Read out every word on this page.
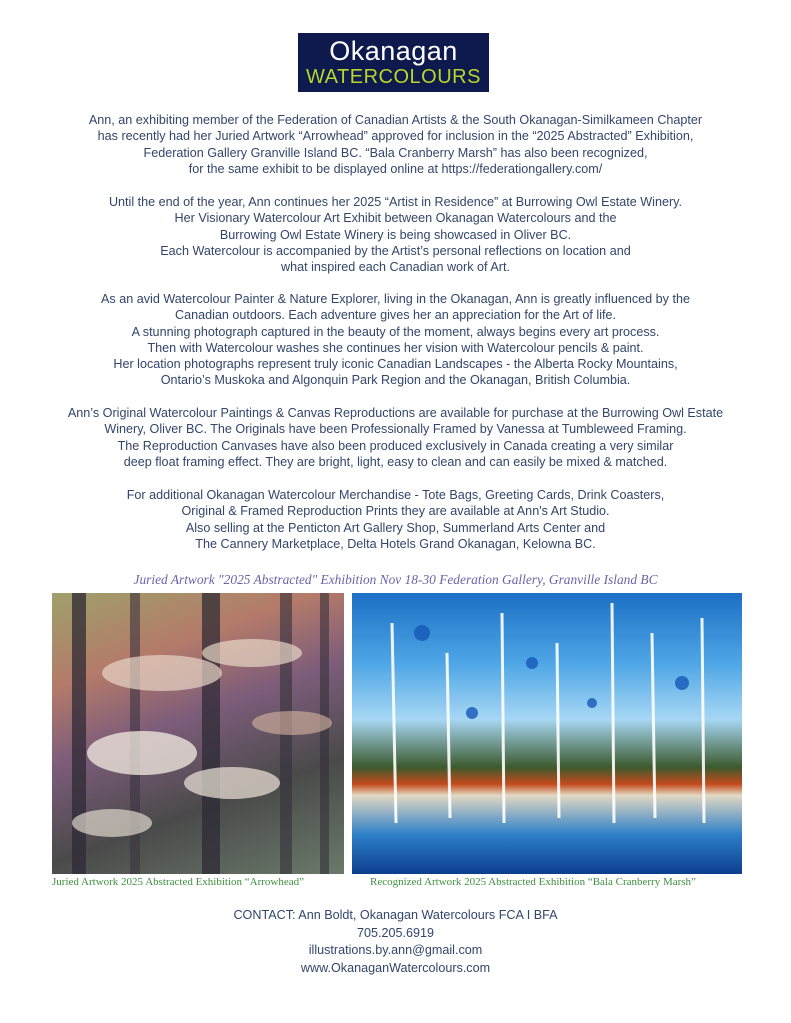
Okanagan
WATERCOLOURS
Ann, an exhibiting member of the Federation of Canadian Artists & the South Okanagan-Similkameen Chapter
has recently had her Juried Artwork “Arrowhead” approved for inclusion in the “2025 Abstracted” Exhibition,
Federation Gallery Granville Island BC. “Bala Cranberry Marsh” has also been recognized,
for the same exhibit to be displayed online at https://federationgallery.com/
Until the end of the year, Ann continues her 2025 “Artist in Residence” at Burrowing Owl Estate Winery.
Her Visionary Watercolour Art Exhibit between Okanagan Watercolours and the
Burrowing Owl Estate Winery is being showcased in Oliver BC.
Each Watercolour is accompanied by the Artist’s personal reflections on location and
what inspired each Canadian work of Art.
As an avid Watercolour Painter & Nature Explorer, living in the Okanagan, Ann is greatly influenced by the
Canadian outdoors. Each adventure gives her an appreciation for the Art of life.
A stunning photograph captured in the beauty of the moment, always begins every art process.
Then with Watercolour washes she continues her vision with Watercolour pencils & paint.
Her location photographs represent truly iconic Canadian Landscapes - the Alberta Rocky Mountains,
Ontario’s Muskoka and Algonquin Park Region and the Okanagan, British Columbia.
Ann’s Original Watercolour Paintings & Canvas Reproductions are available for purchase at the Burrowing Owl Estate
Winery, Oliver BC. The Originals have been Professionally Framed by Vanessa at Tumbleweed Framing.
The Reproduction Canvases have also been produced exclusively in Canada creating a very similar
deep float framing effect. They are bright, light, easy to clean and can easily be mixed & matched.
For additional Okanagan Watercolour Merchandise - Tote Bags, Greeting Cards, Drink Coasters,
Original & Framed Reproduction Prints they are available at Ann's Art Studio.
Also selling at the Penticton Art Gallery Shop, Summerland Arts Center and
The Cannery Marketplace, Delta Hotels Grand Okanagan, Kelowna BC.
Juried Artwork "2025 Abstracted" Exhibition Nov 18-30 Federation Gallery, Granville Island BC
Juried Artwork 2025 Abstracted Exhibition “Arrowhead”	Recognized Artwork 2025 Abstracted Exhibition “Bala Cranberry Marsh”
CONTACT: Ann Boldt, Okanagan Watercolours FCA I BFA
705.205.6919
illustrations.by.ann@gmail.com
www.OkanaganWatercolours.com
